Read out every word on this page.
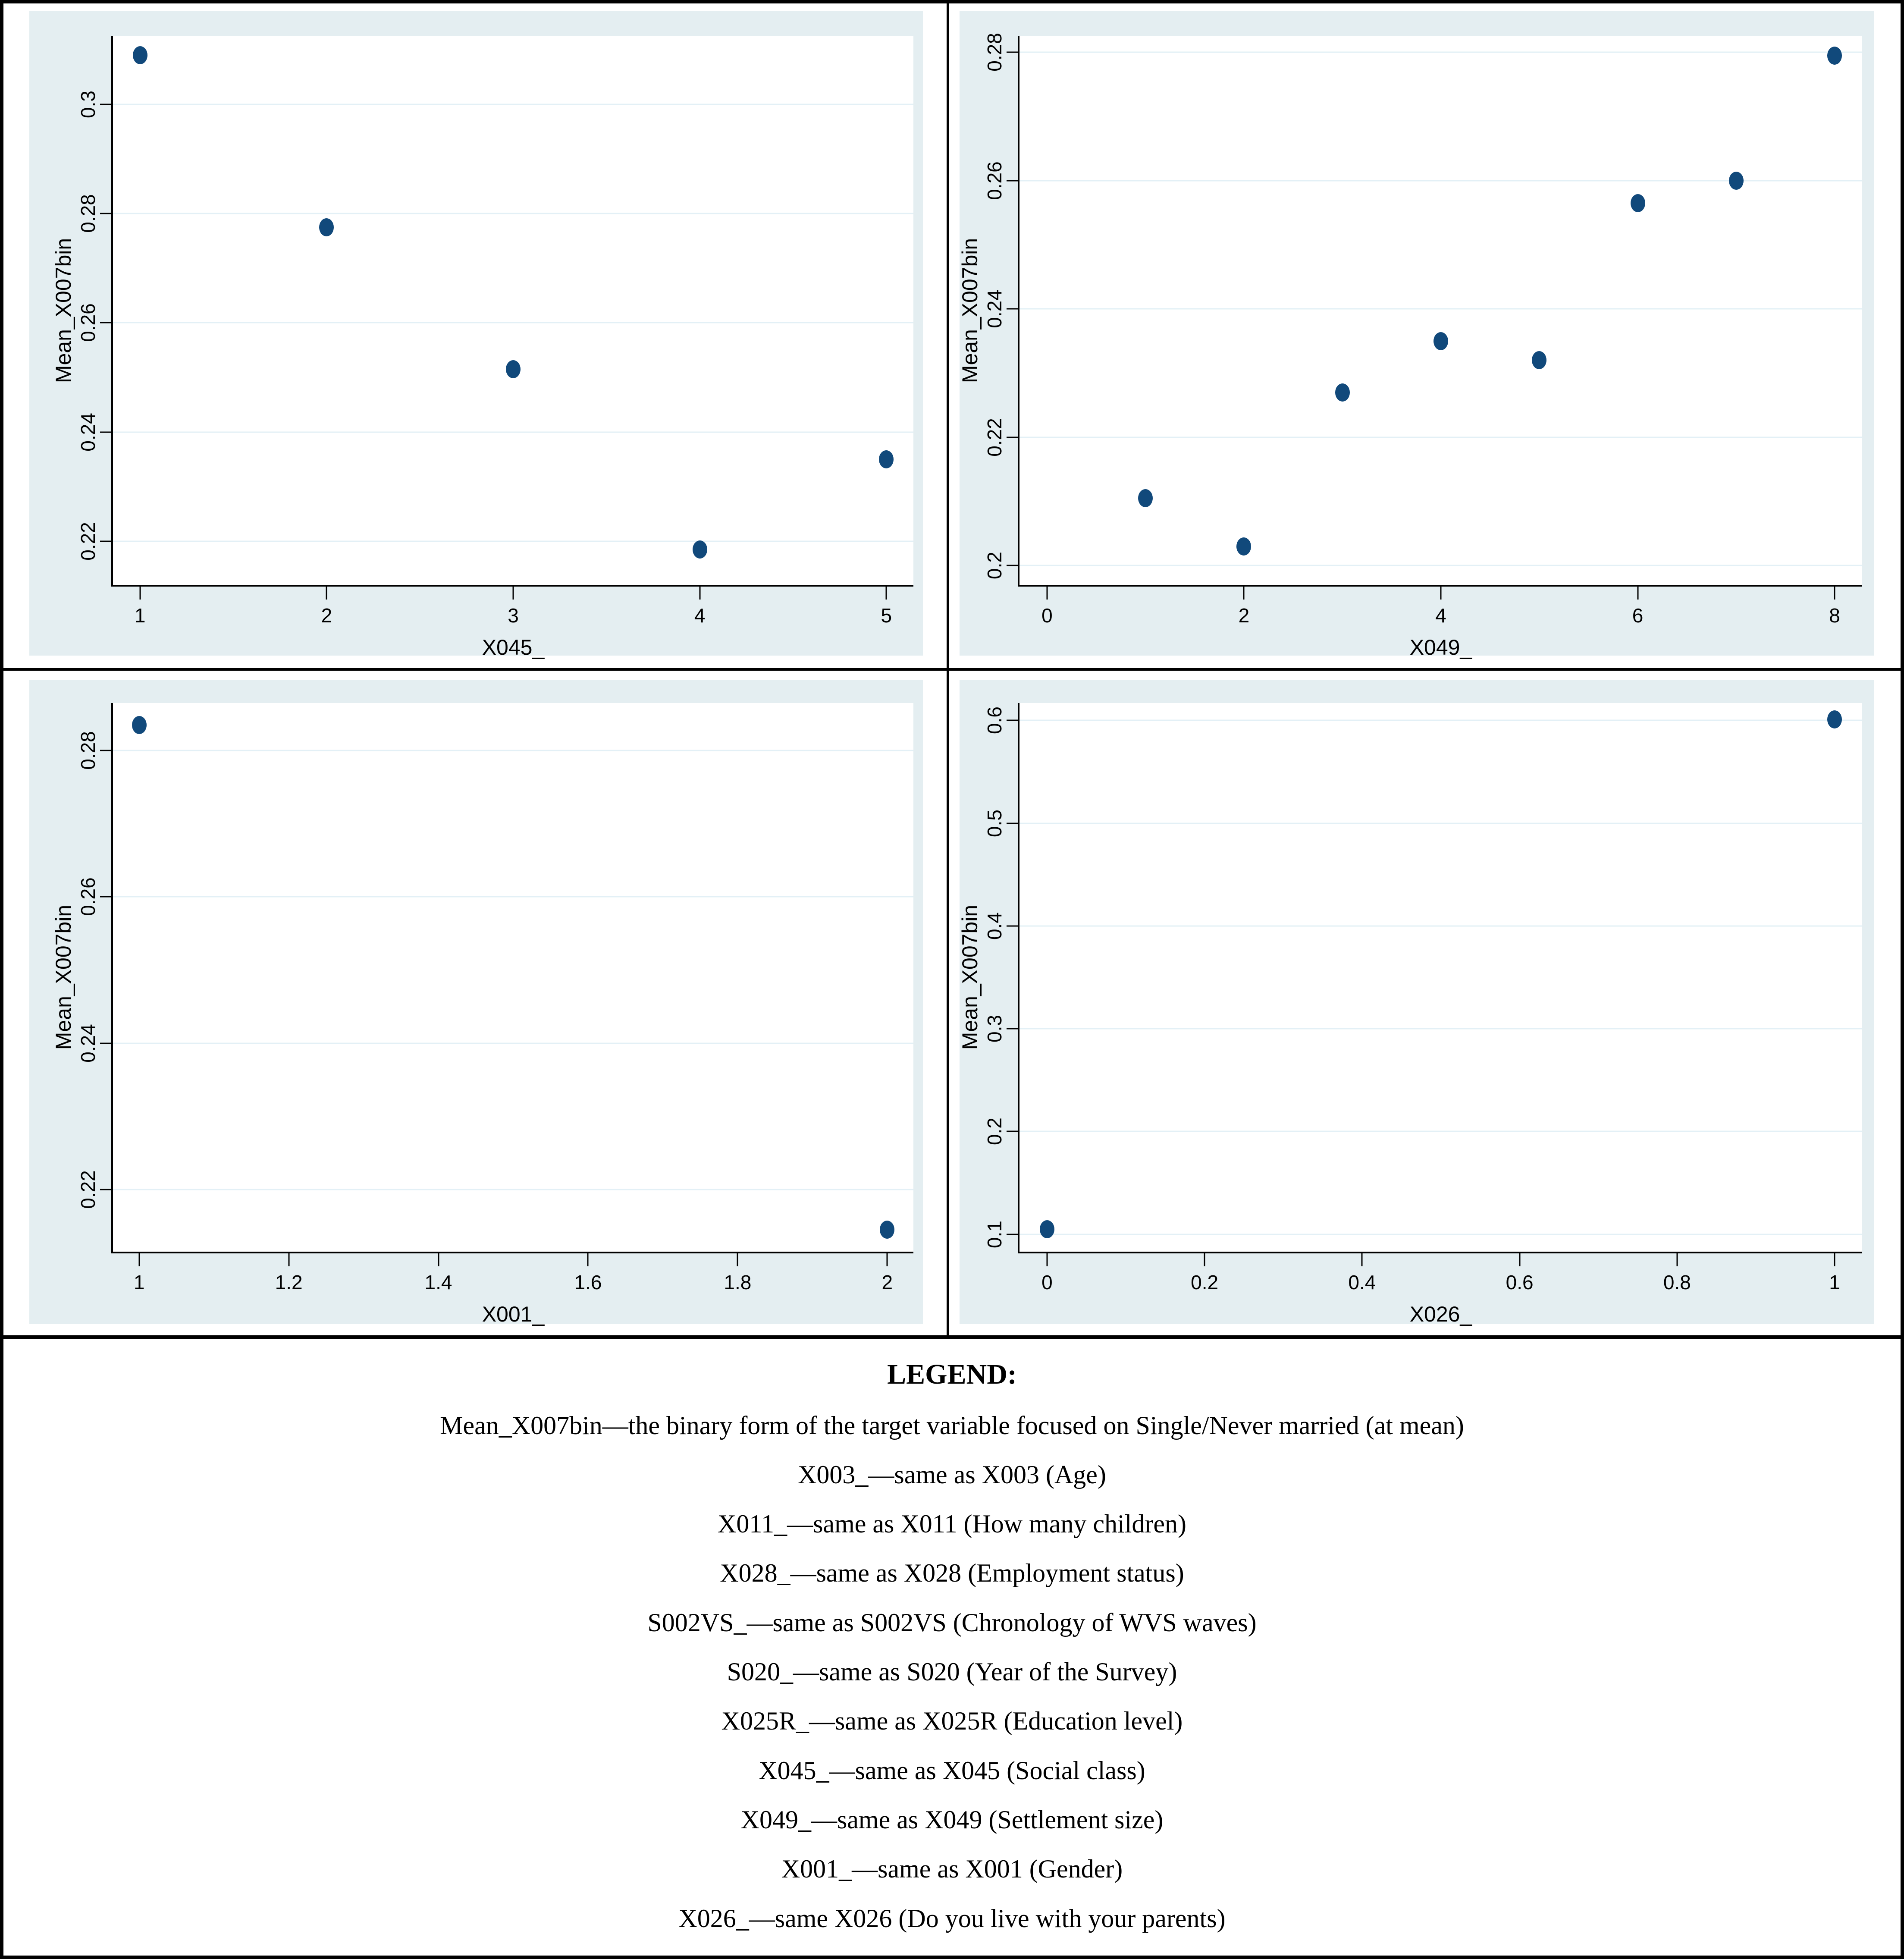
Mean_X007bin
X045_
0.22
0.24
0.26
0.28
0.3
1	2	3	4	5
Mean_X007bin
X049_
0.2
0.22
0.24
0.26
0.28
0	2	4	6	8
Mean_X007bin
X001_
0.22
0.24
0.26
0.28
1	1.2	1.4	1.6	1.8	2
Mean_X007bin
X026_
0.1
0.2
0.3
0.4
0.5
0.6
0	0.2	0.4	0.6	0.8	1
LEGEND:
Mean_X007bin—the binary form of the target variable focused on Single/Never married (at mean)
X003_—same as X003 (Age)
X011_—same as X011 (How many children)
X028_—same as X028 (Employment status)
S002VS_—same as S002VS (Chronology of WVS waves)
S020_—same as S020 (Year of the Survey)
X025R_—same as X025R (Education level)
X045_—same as X045 (Social class)
X049_—same as X049 (Settlement size)
X001_—same as X001 (Gender)
X026_—same X026 (Do you live with your parents)
